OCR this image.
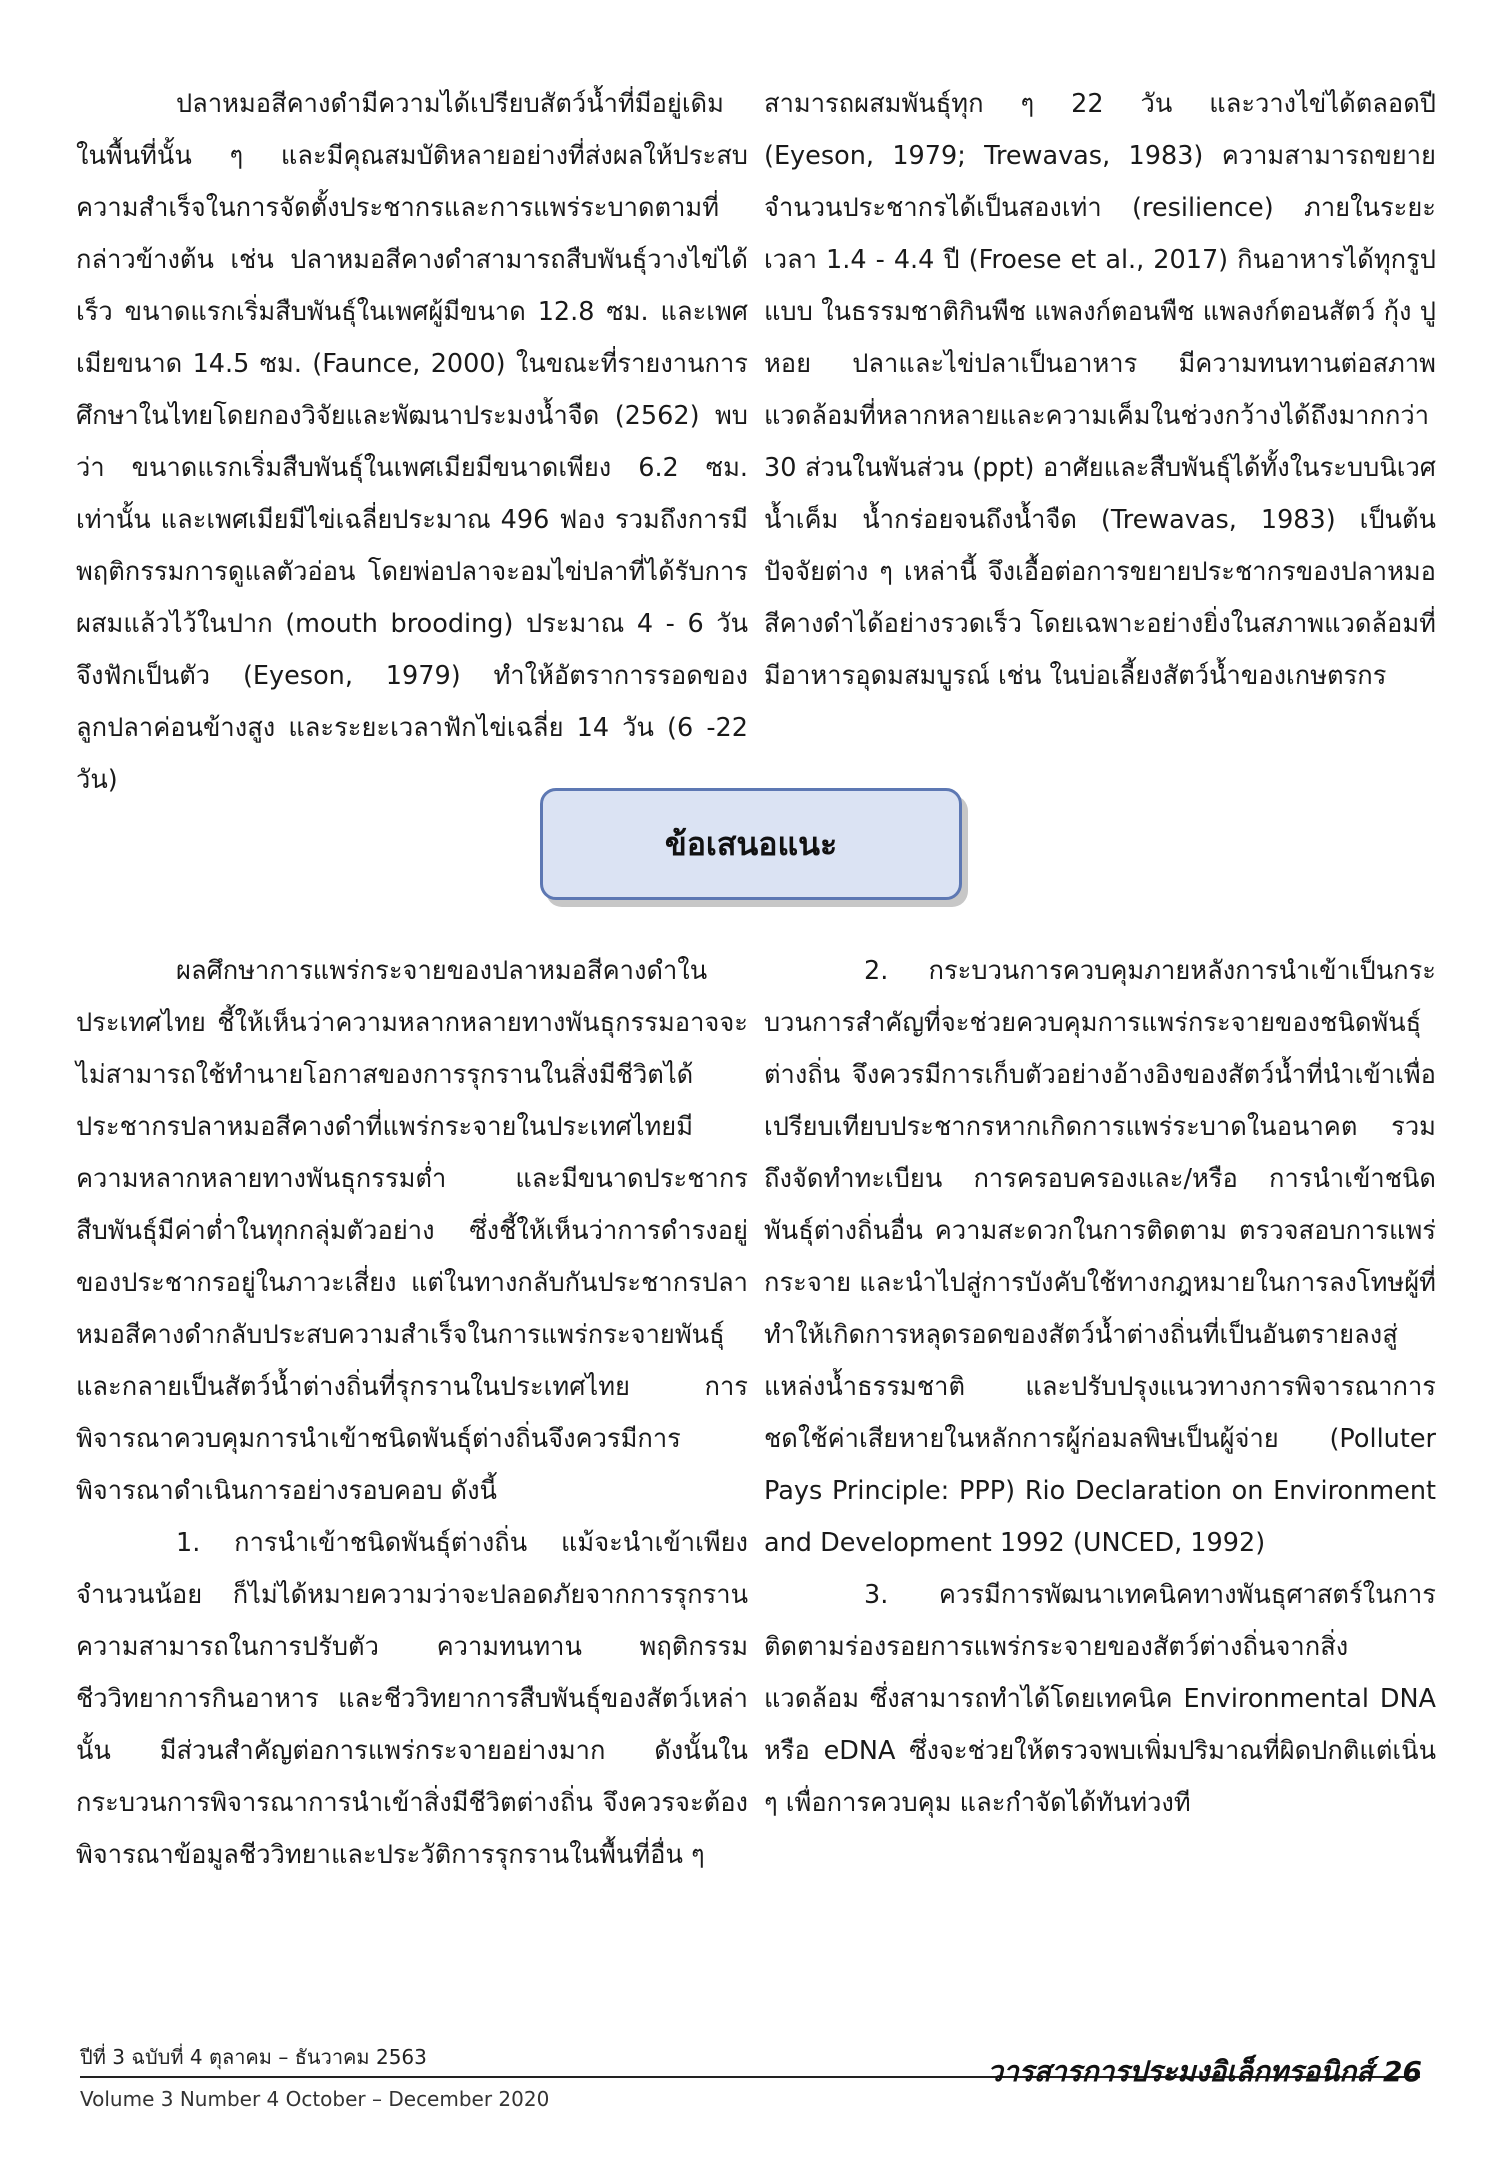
ปลาหมอสีคางดำมีความได้เปรียบสัตว์น้ำที่มีอยู่เดิมในพื้นที่นั้น ๆ และมีคุณสมบัติหลายอย่างที่ส่งผลให้ประสบความสำเร็จในการจัดตั้งประชากรและการแพร่ระบาดตามที่กล่าวข้างต้น เช่น ปลาหมอสีคางดำสามารถสืบพันธุ์วางไข่ได้เร็ว ขนาดแรกเริ่มสืบพันธุ์ในเพศผู้มีขนาด 12.8 ซม. และเพศเมียขนาด 14.5 ซม. (Faunce, 2000) ในขณะที่รายงานการศึกษาในไทยโดยกองวิจัยและพัฒนาประมงน้ำจืด (2562) พบว่า ขนาดแรกเริ่มสืบพันธุ์ในเพศเมียมีขนาดเพียง 6.2 ซม. เท่านั้น และเพศเมียมีไข่เฉลี่ยประมาณ 496 ฟอง รวมถึงการมีพฤติกรรมการดูแลตัวอ่อน โดยพ่อปลาจะอมไข่ปลาที่ได้รับการผสมแล้วไว้ในปาก (mouth brooding) ประมาณ 4 - 6 วัน จึงฟักเป็นตัว (Eyeson, 1979) ทำให้อัตราการรอดของลูกปลาค่อนข้างสูง และระยะเวลาฟักไข่เฉลี่ย 14 วัน (6 -22 วัน)

สามารถผสมพันธุ์ทุก ๆ 22 วัน และวางไข่ได้ตลอดปี (Eyeson, 1979; Trewavas, 1983) ความสามารถขยายจำนวนประชากรได้เป็นสองเท่า (resilience) ภายในระยะเวลา 1.4 - 4.4 ปี (Froese et al., 2017) กินอาหารได้ทุกรูปแบบ ในธรรมชาติกินพืช แพลงก์ตอนพืช แพลงก์ตอนสัตว์ กุ้ง ปู หอย ปลาและไข่ปลาเป็นอาหาร มีความทนทานต่อสภาพแวดล้อมที่หลากหลายและความเค็มในช่วงกว้างได้ถึงมากกว่า 30 ส่วนในพันส่วน (ppt) อาศัยและสืบพันธุ์ได้ทั้งในระบบนิเวศน้ำเค็ม น้ำกร่อยจนถึงน้ำจืด (Trewavas, 1983) เป็นต้น ปัจจัยต่าง ๆ เหล่านี้ จึงเอื้อต่อการขยายประชากรของปลาหมอสีคางดำได้อย่างรวดเร็ว โดยเฉพาะอย่างยิ่งในสภาพแวดล้อมที่มีอาหารอุดมสมบูรณ์ เช่น ในบ่อเลี้ยงสัตว์น้ำของเกษตรกร

ข้อเสนอแนะ

ผลศึกษาการแพร่กระจายของปลาหมอสีคางดำในประเทศไทย ชี้ให้เห็นว่าความหลากหลายทางพันธุกรรมอาจจะไม่สามารถใช้ทำนายโอกาสของการรุกรานในสิ่งมีชีวิตได้ ประชากรปลาหมอสีคางดำที่แพร่กระจายในประเทศไทยมีความหลากหลายทางพันธุกรรมต่ำ และมีขนาดประชากรสืบพันธุ์มีค่าต่ำในทุกกลุ่มตัวอย่าง ซึ่งชี้ให้เห็นว่าการดำรงอยู่ของประชากรอยู่ในภาวะเสี่ยง แต่ในทางกลับกันประชากรปลาหมอสีคางดำกลับประสบความสำเร็จในการแพร่กระจายพันธุ์และกลายเป็นสัตว์น้ำต่างถิ่นที่รุกรานในประเทศไทย การพิจารณาควบคุมการนำเข้าชนิดพันธุ์ต่างถิ่นจึงควรมีการพิจารณาดำเนินการอย่างรอบคอบ ดังนี้

1. การนำเข้าชนิดพันธุ์ต่างถิ่น แม้จะนำเข้าเพียงจำนวนน้อย ก็ไม่ได้หมายความว่าจะปลอดภัยจากการรุกราน ความสามารถในการปรับตัว ความทนทาน พฤติกรรม ชีววิทยาการกินอาหาร และชีววิทยาการสืบพันธุ์ของสัตว์เหล่านั้น มีส่วนสำคัญต่อการแพร่กระจายอย่างมาก ดังนั้นในกระบวนการพิจารณาการนำเข้าสิ่งมีชีวิตต่างถิ่น จึงควรจะต้องพิจารณาข้อมูลชีววิทยาและประวัติการรุกรานในพื้นที่อื่น ๆ

2. กระบวนการควบคุมภายหลังการนำเข้าเป็นกระบวนการสำคัญที่จะช่วยควบคุมการแพร่กระจายของชนิดพันธุ์ต่างถิ่น จึงควรมีการเก็บตัวอย่างอ้างอิงของสัตว์น้ำที่นำเข้าเพื่อเปรียบเทียบประชากรหากเกิดการแพร่ระบาดในอนาคต รวมถึงจัดทำทะเบียน การครอบครองและ/หรือ การนำเข้าชนิดพันธุ์ต่างถิ่นอื่น ความสะดวกในการติดตาม ตรวจสอบการแพร่กระจาย และนำไปสู่การบังคับใช้ทางกฎหมายในการลงโทษผู้ที่ทำให้เกิดการหลุดรอดของสัตว์น้ำต่างถิ่นที่เป็นอันตรายลงสู่แหล่งน้ำธรรมชาติ และปรับปรุงแนวทางการพิจารณาการชดใช้ค่าเสียหายในหลักการผู้ก่อมลพิษเป็นผู้จ่าย (Polluter Pays Principle: PPP) Rio Declaration on Environment and Development 1992 (UNCED, 1992)

3. ควรมีการพัฒนาเทคนิคทางพันธุศาสตร์ในการติดตามร่องรอยการแพร่กระจายของสัตว์ต่างถิ่นจากสิ่งแวดล้อม ซึ่งสามารถทำได้โดยเทคนิค Environmental DNA หรือ eDNA ซึ่งจะช่วยให้ตรวจพบเพิ่มปริมาณที่ผิดปกติแต่เนิ่น ๆ เพื่อการควบคุม และกำจัดได้ทันท่วงที

ปีที่ 3 ฉบับที่ 4 ตุลาคม – ธันวาคม 2563
Volume 3 Number 4 October – December 2020
วารสารการประมงอิเล็กทรอนิกส์ 26
